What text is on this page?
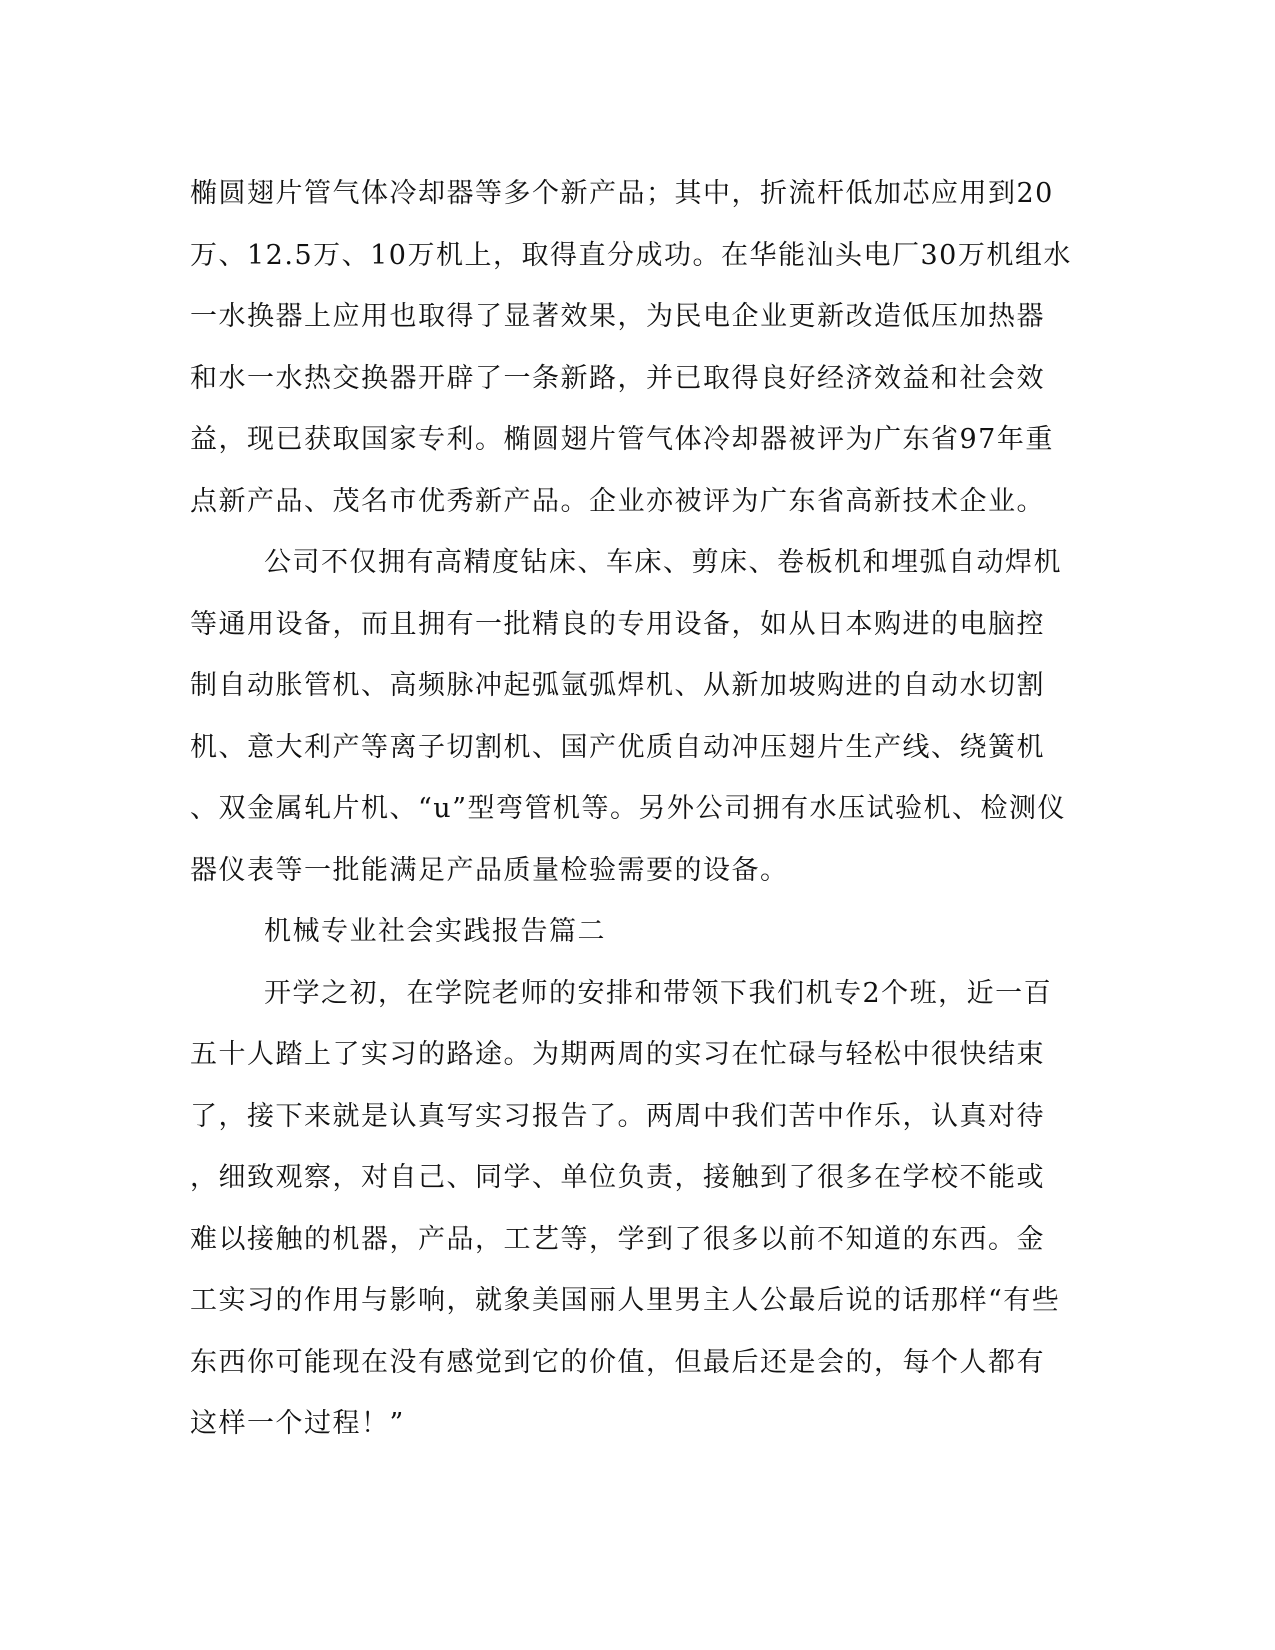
椭圆翅片管气体冷却器等多个新产品；其中，折流杆低加芯应用到20
万、12.5万、10万机上，取得直分成功。在华能汕头电厂30万机组水
一水换器上应用也取得了显著效果，为民电企业更新改造低压加热器
和水一水热交换器开辟了一条新路，并已取得良好经济效益和社会效
益，现已获取国家专利。椭圆翅片管气体冷却器被评为广东省97年重
点新产品、茂名市优秀新产品。企业亦被评为广东省高新技术企业。
公司不仅拥有高精度钻床、车床、剪床、卷板机和埋弧自动焊机
等通用设备，而且拥有一批精良的专用设备，如从日本购进的电脑控
制自动胀管机、高频脉冲起弧氩弧焊机、从新加坡购进的自动水切割
机、意大利产等离子切割机、国产优质自动冲压翅片生产线、绕簧机
、双金属轧片机、“u”型弯管机等。另外公司拥有水压试验机、检测仪
器仪表等一批能满足产品质量检验需要的设备。
机械专业社会实践报告篇二
开学之初，在学院老师的安排和带领下我们机专2个班，近一百
五十人踏上了实习的路途。为期两周的实习在忙碌与轻松中很快结束
了，接下来就是认真写实习报告了。两周中我们苦中作乐，认真对待
，细致观察，对自己、同学、单位负责，接触到了很多在学校不能或
难以接触的机器，产品，工艺等，学到了很多以前不知道的东西。金
工实习的作用与影响，就象美国丽人里男主人公最后说的话那样“有些
东西你可能现在没有感觉到它的价值，但最后还是会的，每个人都有
这样一个过程！”
